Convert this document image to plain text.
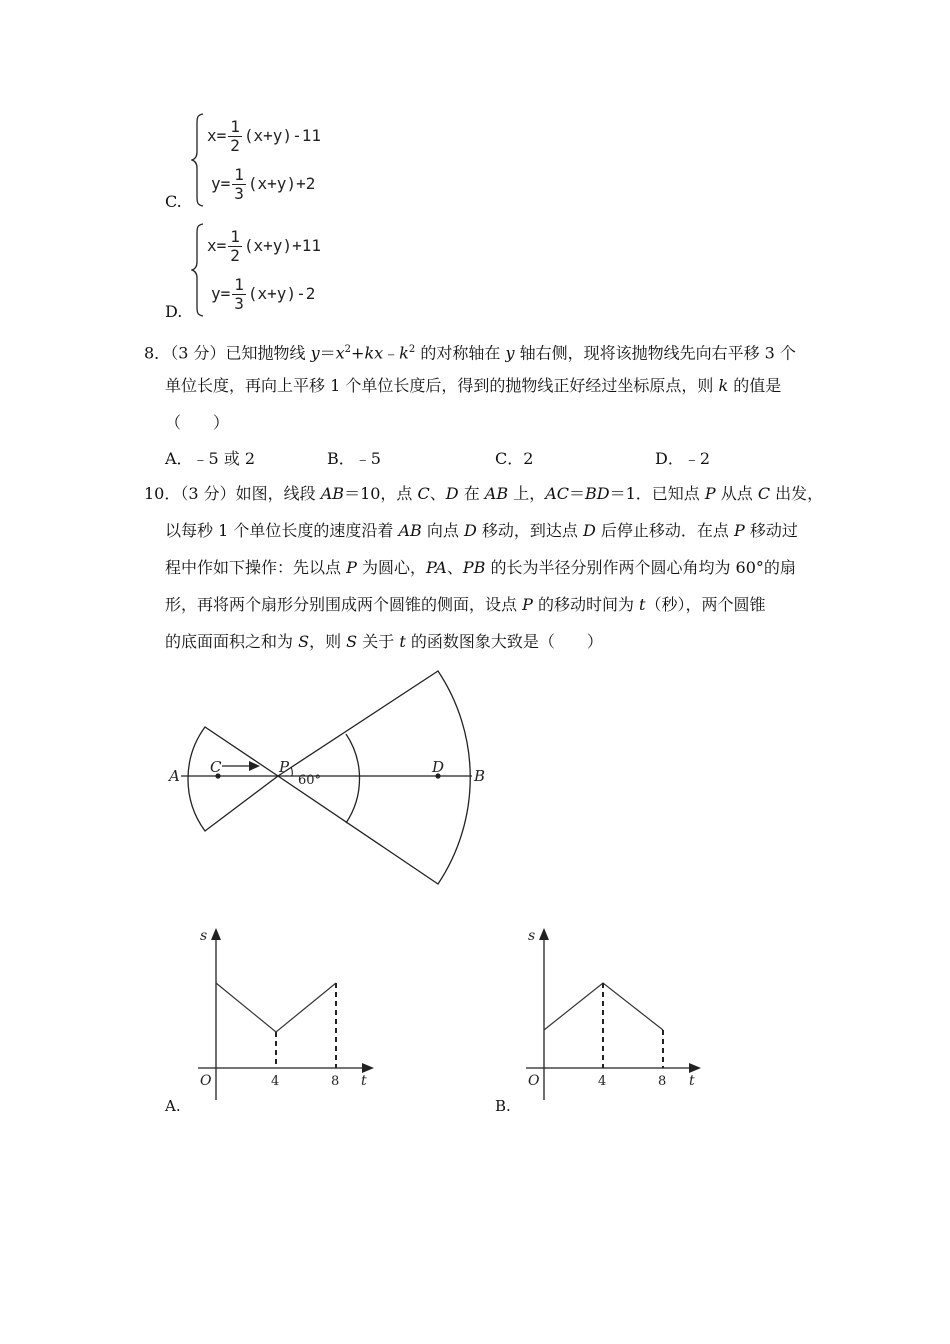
$x= \frac{1}{2} (x+y)-11$
$y= \frac{1}{3} (x+y)+2$
C.
$x= \frac{1}{2} (x+y)+11$
$y= \frac{1}{3} (x+y)-2$
D.
8．（3 分）已知抛物线 $y=x^2+kx﹣k^2$ 的对称轴在 y 轴右侧，现将该抛物线先向右平移 3 个
单位长度，再向上平移 1 个单位长度后，得到的抛物线正好经过坐标原点，则 k 的值是
（　　）
A．﹣5 或 2	B．﹣5	C．2	D．﹣2
10．（3 分）如图，线段 AB＝10，点 C、D 在 AB 上，AC＝BD＝1．已知点 P 从点 C 出发，
以每秒 1 个单位长度的速度沿着 AB 向点 D 移动，到达点 D 后停止移动．在点 P 移动过
程中作如下操作：先以点 P 为圆心，PA、PB 的长为半径分别作两个圆心角均为 60°的扇
形，再将两个扇形分别围成两个圆锥的侧面，设点 P 的移动时间为 t（秒），两个圆锥
的底面面积之和为 S，则 S 关于 t 的函数图象大致是（　　）
A C	P
60°
D B
s
O	4	8 t
A.
s
O	4	8 t
B.
